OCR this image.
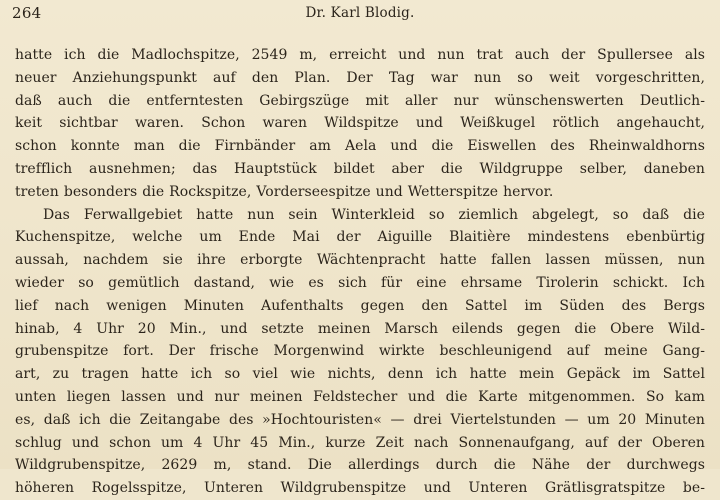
264	Dr. Karl Blodig.
hatte ich die Madlochspitze, 2549 m, erreicht und nun trat auch der Spullersee als
neuer Anziehungspunkt auf den Plan. Der Tag war nun so weit vorgeschritten,
daß auch die entferntesten Gebirgszüge mit aller nur wünschenswerten Deutlich-
keit sichtbar waren. Schon waren Wildspitze und Weißkugel rötlich angehaucht,
schon konnte man die Firnbänder am Aela und die Eiswellen des Rheinwaldhorns
trefflich ausnehmen; das Hauptstück bildet aber die Wildgruppe selber, daneben
treten besonders die Rockspitze, Vorderseespitze und Wetterspitze hervor.
Das Ferwallgebiet hatte nun sein Winterkleid so ziemlich abgelegt, so daß die
Kuchenspitze, welche um Ende Mai der Aiguille Blaitière mindestens ebenbürtig
aussah, nachdem sie ihre erborgte Wächtenpracht hatte fallen lassen müssen, nun
wieder so gemütlich dastand, wie es sich für eine ehrsame Tirolerin schickt. Ich
lief nach wenigen Minuten Aufenthalts gegen den Sattel im Süden des Bergs
hinab, 4 Uhr 20 Min., und setzte meinen Marsch eilends gegen die Obere Wild-
grubenspitze fort. Der frische Morgenwind wirkte beschleunigend auf meine Gang-
art, zu tragen hatte ich so viel wie nichts, denn ich hatte mein Gepäck im Sattel
unten liegen lassen und nur meinen Feldstecher und die Karte mitgenommen. So kam
es, daß ich die Zeitangabe des »Hochtouristen« — drei Viertelstunden — um 20 Minuten
schlug und schon um 4 Uhr 45 Min., kurze Zeit nach Sonnenaufgang, auf der Oberen
Wildgrubenspitze, 2629 m, stand. Die allerdings durch die Nähe der durchwegs
höheren Rogelsspitze, Unteren Wildgrubenspitze und Unteren Grätlisgratspitze be-
